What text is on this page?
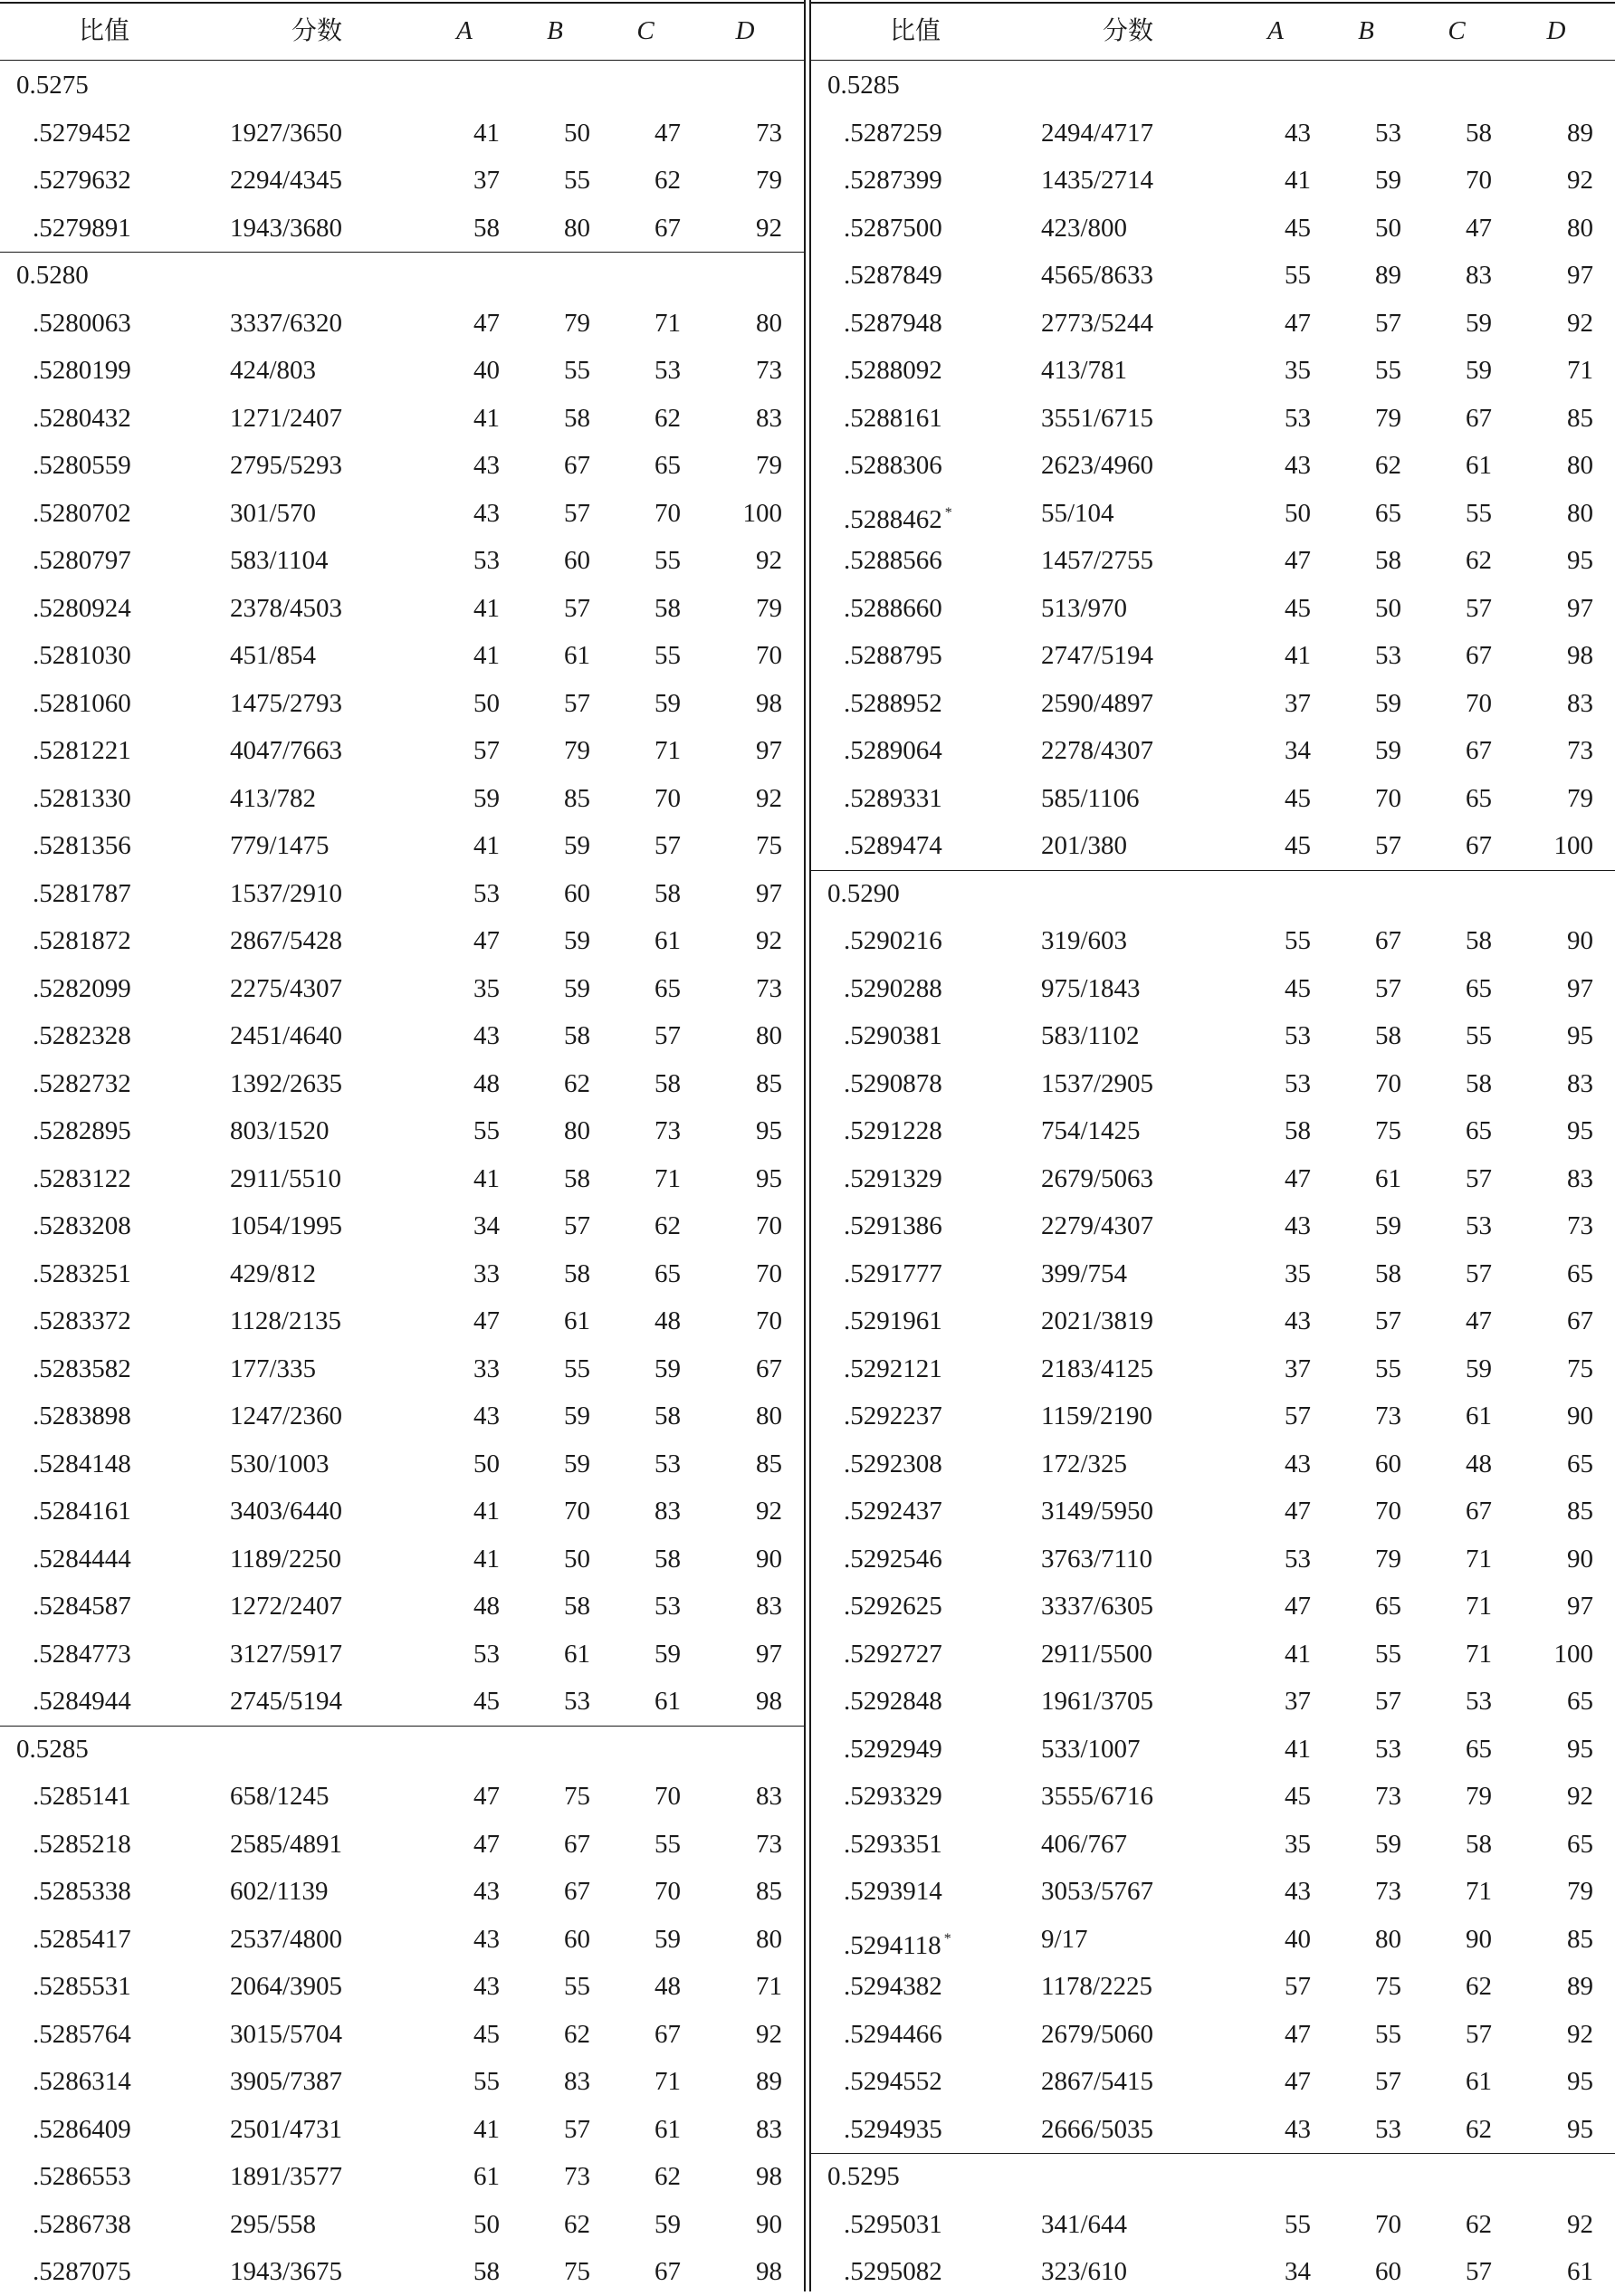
比值	分数	A	B	C	D
0.5275
.5279452	1927/3650	41	50	47	73
.5279632	2294/4345	37	55	62	79
.5279891	1943/3680	58	80	67	92
0.5280
.5280063	3337/6320	47	79	71	80
.5280199	424/803	40	55	53	73
.5280432	1271/2407	41	58	62	83
.5280559	2795/5293	43	67	65	79
.5280702	301/570	43	57	70	100
.5280797	583/1104	53	60	55	92
.5280924	2378/4503	41	57	58	79
.5281030	451/854	41	61	55	70
.5281060	1475/2793	50	57	59	98
.5281221	4047/7663	57	79	71	97
.5281330	413/782	59	85	70	92
.5281356	779/1475	41	59	57	75
.5281787	1537/2910	53	60	58	97
.5281872	2867/5428	47	59	61	92
.5282099	2275/4307	35	59	65	73
.5282328	2451/4640	43	58	57	80
.5282732	1392/2635	48	62	58	85
.5282895	803/1520	55	80	73	95
.5283122	2911/5510	41	58	71	95
.5283208	1054/1995	34	57	62	70
.5283251	429/812	33	58	65	70
.5283372	1128/2135	47	61	48	70
.5283582	177/335	33	55	59	67
.5283898	1247/2360	43	59	58	80
.5284148	530/1003	50	59	53	85
.5284161	3403/6440	41	70	83	92
.5284444	1189/2250	41	50	58	90
.5284587	1272/2407	48	58	53	83
.5284773	3127/5917	53	61	59	97
.5284944	2745/5194	45	53	61	98
0.5285
.5285141	658/1245	47	75	70	83
.5285218	2585/4891	47	67	55	73
.5285338	602/1139	43	67	70	85
.5285417	2537/4800	43	60	59	80
.5285531	2064/3905	43	55	48	71
.5285764	3015/5704	45	62	67	92
.5286314	3905/7387	55	83	71	89
.5286409	2501/4731	41	57	61	83
.5286553	1891/3577	61	73	62	98
.5286738	295/558	50	62	59	90
.5287075	1943/3675	58	75	67	98
比值	分数	A	B	C	D
0.5285
.5287259	2494/4717	43	53	58	89
.5287399	1435/2714	41	59	70	92
.5287500	423/800	45	50	47	80
.5287849	4565/8633	55	89	83	97
.5287948	2773/5244	47	57	59	92
.5288092	413/781	35	55	59	71
.5288161	3551/6715	53	79	67	85
.5288306	2623/4960	43	62	61	80
.5288462 *	55/104	50	65	55	80
.5288566	1457/2755	47	58	62	95
.5288660	513/970	45	50	57	97
.5288795	2747/5194	41	53	67	98
.5288952	2590/4897	37	59	70	83
.5289064	2278/4307	34	59	67	73
.5289331	585/1106	45	70	65	79
.5289474	201/380	45	57	67	100
0.5290
.5290216	319/603	55	67	58	90
.5290288	975/1843	45	57	65	97
.5290381	583/1102	53	58	55	95
.5290878	1537/2905	53	70	58	83
.5291228	754/1425	58	75	65	95
.5291329	2679/5063	47	61	57	83
.5291386	2279/4307	43	59	53	73
.5291777	399/754	35	58	57	65
.5291961	2021/3819	43	57	47	67
.5292121	2183/4125	37	55	59	75
.5292237	1159/2190	57	73	61	90
.5292308	172/325	43	60	48	65
.5292437	3149/5950	47	70	67	85
.5292546	3763/7110	53	79	71	90
.5292625	3337/6305	47	65	71	97
.5292727	2911/5500	41	55	71	100
.5292848	1961/3705	37	57	53	65
.5292949	533/1007	41	53	65	95
.5293329	3555/6716	45	73	79	92
.5293351	406/767	35	59	58	65
.5293914	3053/5767	43	73	71	79
.5294118 *	9/17	40	80	90	85
.5294382	1178/2225	57	75	62	89
.5294466	2679/5060	47	55	57	92
.5294552	2867/5415	47	57	61	95
.5294935	2666/5035	43	53	62	95
0.5295
.5295031	341/644	55	70	62	92
.5295082	323/610	34	60	57	61
